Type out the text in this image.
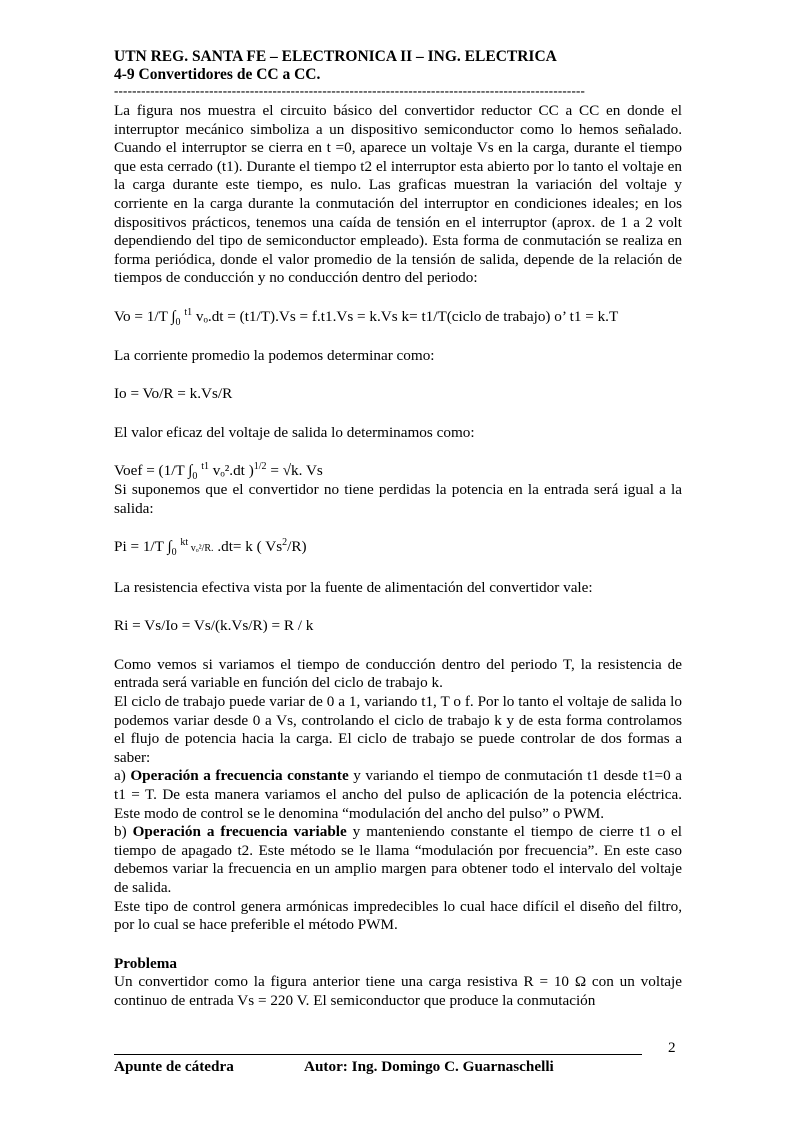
UTN REG. SANTA FE – ELECTRONICA II – ING. ELECTRICA
4-9 Convertidores de CC a CC.
--------------------------------------------------------------------------------------------------------

La figura nos muestra el circuito básico del convertidor reductor CC a CC en donde el interruptor mecánico simboliza a un dispositivo semiconductor como lo hemos señalado. Cuando el interruptor se cierra en t =0, aparece un voltaje Vs en la carga, durante el tiempo que esta cerrado (t1). Durante el tiempo t2 el interruptor esta abierto por lo tanto el voltaje en la carga durante este tiempo, es nulo. Las graficas muestran la variación del voltaje y corriente en la carga durante la conmutación del interruptor en condiciones ideales; en los dispositivos prácticos, tenemos una caída de tensión en el interruptor (aprox. de 1 a 2 volt dependiendo del tipo de semiconductor empleado). Esta forma de conmutación se realiza en forma periódica, donde el valor promedio de la tensión de salida, depende de la relación de tiempos de conducción y no conducción dentro del periodo:

Vo = 1/T $\int_0$ $^{t1}$ vₒ.dt = (t1/T).Vs = f.t1.Vs = k.Vs k= t1/T(ciclo de trabajo) o’ t1 = k.T

La corriente promedio la podemos determinar como:

Io = Vo/R = k.Vs/R

El valor eficaz del voltaje de salida lo determinamos como:

Voef = (1/T $\int_0$ $^{t1}$ vₒ².dt )$^{1/2}$ = √k. Vs

Si suponemos que el convertidor no tiene perdidas la potencia en la entrada será igual a la salida:

Pi = 1/T $\int_0$ $^{kt}$ vₒ²/R. .dt= k ( Vs$^2$/R)

La resistencia efectiva vista por la fuente de alimentación del convertidor vale:

Ri = Vs/Io = Vs/(k.Vs/R) = R / k

Como vemos si variamos el tiempo de conducción dentro del periodo T, la resistencia de entrada será variable en función del ciclo de trabajo k.

El ciclo de trabajo puede variar de 0 a 1, variando t1, T o f. Por lo tanto el voltaje de salida lo podemos variar desde 0 a Vs, controlando el ciclo de trabajo k y de esta forma controlamos el flujo de potencia hacia la carga. El ciclo de trabajo se puede controlar de dos formas a saber:

a) Operación a frecuencia constante y variando el tiempo de conmutación t1 desde t1=0 a t1 = T. De esta manera variamos el ancho del pulso de aplicación de la potencia eléctrica. Este modo de control se le denomina “modulación del ancho del pulso” o PWM.

b) Operación a frecuencia variable y manteniendo constante el tiempo de cierre t1 o el tiempo de apagado t2. Este método se le llama “modulación por frecuencia”. En este caso debemos variar la frecuencia en un amplio margen para obtener todo el intervalo del voltaje de salida.

Este tipo de control genera armónicas impredecibles lo cual hace difícil el diseño del filtro, por lo cual se hace preferible el método PWM.

Problema

Un convertidor como la figura anterior tiene una carga resistiva R = 10 Ω con un voltaje continuo de entrada Vs = 220 V. El semiconductor que produce la conmutación

2
Apunte de cátedra	Autor: Ing. Domingo C. Guarnaschelli
